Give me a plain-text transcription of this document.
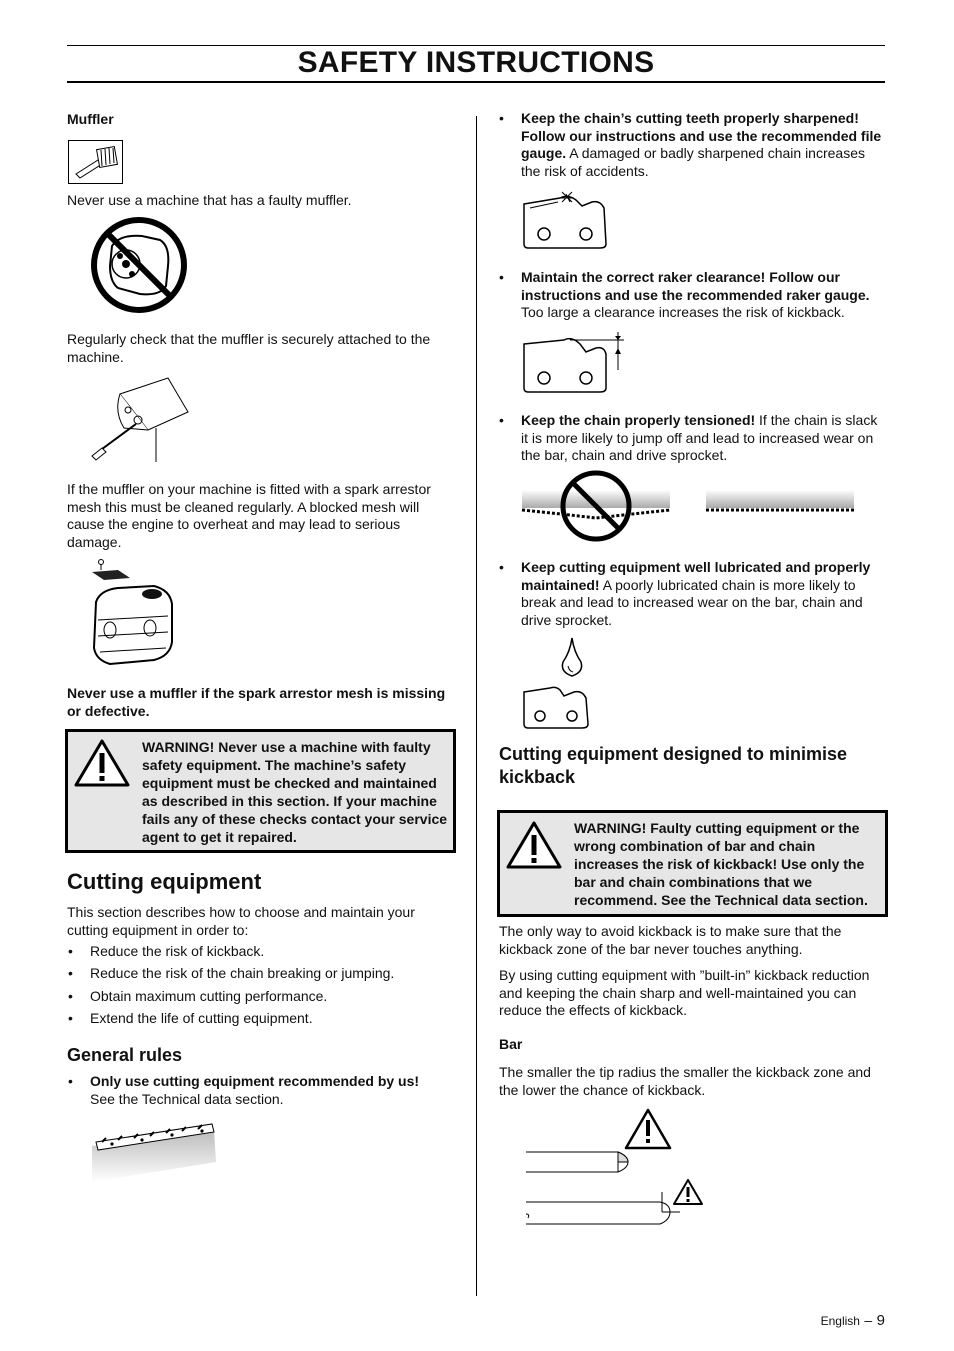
SAFETY INSTRUCTIONS
Muffler
Never use a machine that has a faulty muffler.
Regularly check that the muffler is securely attached to the machine.
If the muffler on your machine is fitted with a spark arrestor mesh this must be cleaned regularly. A blocked mesh will cause the engine to overheat and may lead to serious damage.
Never use a muffler if the spark arrestor mesh is missing or defective.
WARNING! Never use a machine with faulty safety equipment. The machine’s safety equipment must be checked and maintained as described in this section. If your machine fails any of these checks contact your service agent to get it repaired.
Cutting equipment
This section describes how to choose and maintain your cutting equipment in order to:
• Reduce the risk of kickback.
• Reduce the risk of the chain breaking or jumping.
• Obtain maximum cutting performance.
• Extend the life of cutting equipment.
General rules
• Only use cutting equipment recommended by us!
See the Technical data section.
• Keep the chain’s cutting teeth properly sharpened! Follow our instructions and use the recommended file gauge. A damaged or badly sharpened chain increases the risk of accidents.
• Maintain the correct raker clearance! Follow our instructions and use the recommended raker gauge. Too large a clearance increases the risk of kickback.
• Keep the chain properly tensioned! If the chain is slack it is more likely to jump off and lead to increased wear on the bar, chain and drive sprocket.
• Keep cutting equipment well lubricated and properly maintained! A poorly lubricated chain is more likely to break and lead to increased wear on the bar, chain and drive sprocket.
Cutting equipment designed to minimise kickback
WARNING! Faulty cutting equipment or the wrong combination of bar and chain increases the risk of kickback! Use only the bar and chain combinations that we recommend. See the Technical data section.
The only way to avoid kickback is to make sure that the kickback zone of the bar never touches anything.
By using cutting equipment with ”built-in” kickback reduction and keeping the chain sharp and well-maintained you can reduce the effects of kickback.
Bar
The smaller the tip radius the smaller the kickback zone and the lower the chance of kickback.
English – 9
